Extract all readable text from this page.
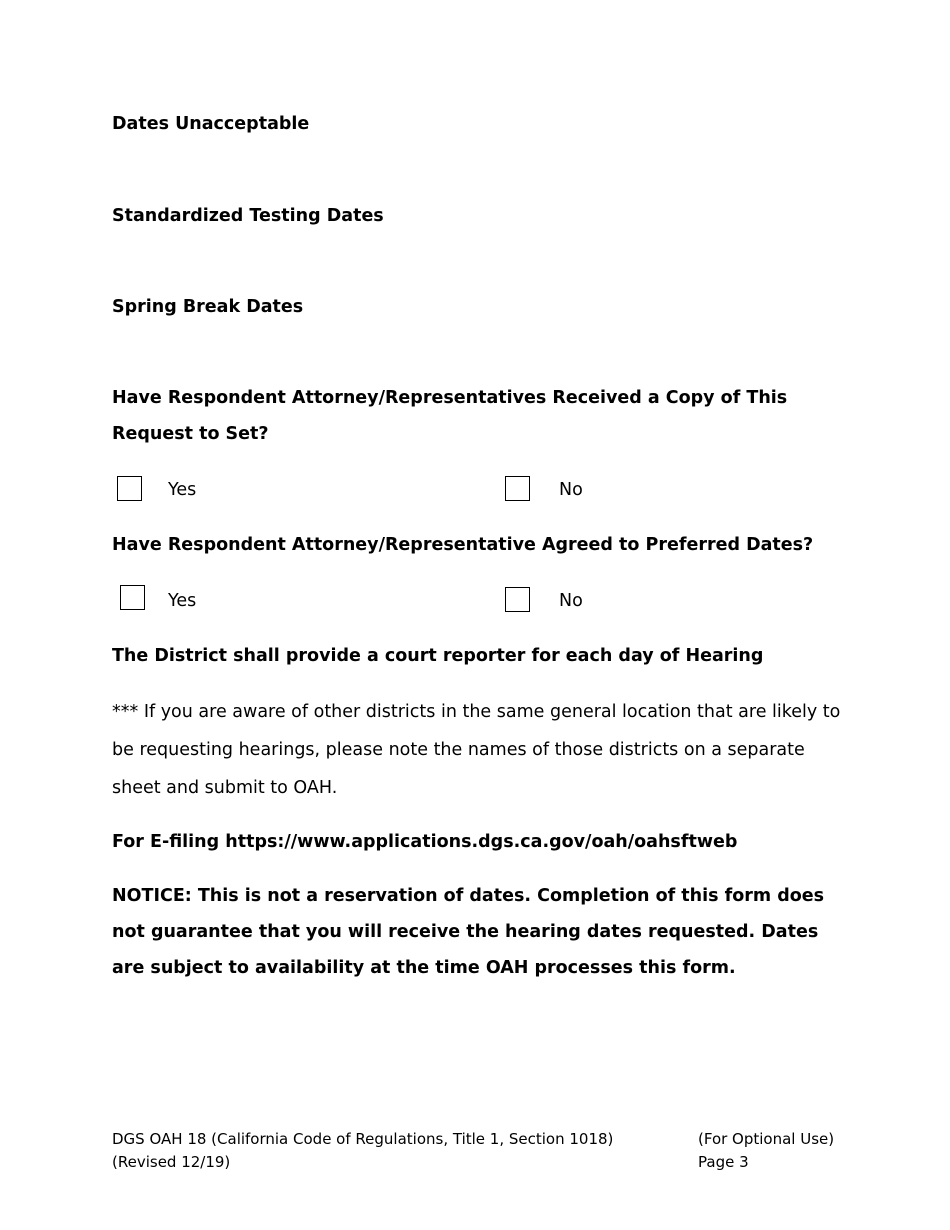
Dates Unacceptable

Standardized Testing Dates

Spring Break Dates

Have Respondent Attorney/Representatives Received a Copy of This Request to Set?

Yes	No

Have Respondent Attorney/Representative Agreed to Preferred Dates?

Yes	No

The District shall provide a court reporter for each day of Hearing

*** If you are aware of other districts in the same general location that are likely to be requesting hearings, please note the names of those districts on a separate sheet and submit to OAH.

For E-filing https://www.applications.dgs.ca.gov/oah/oahsftweb

NOTICE: This is not a reservation of dates. Completion of this form does not guarantee that you will receive the hearing dates requested. Dates are subject to availability at the time OAH processes this form.

DGS OAH 18 (California Code of Regulations, Title 1, Section 1018)
(Revised 12/19)
(For Optional Use)
Page 3
